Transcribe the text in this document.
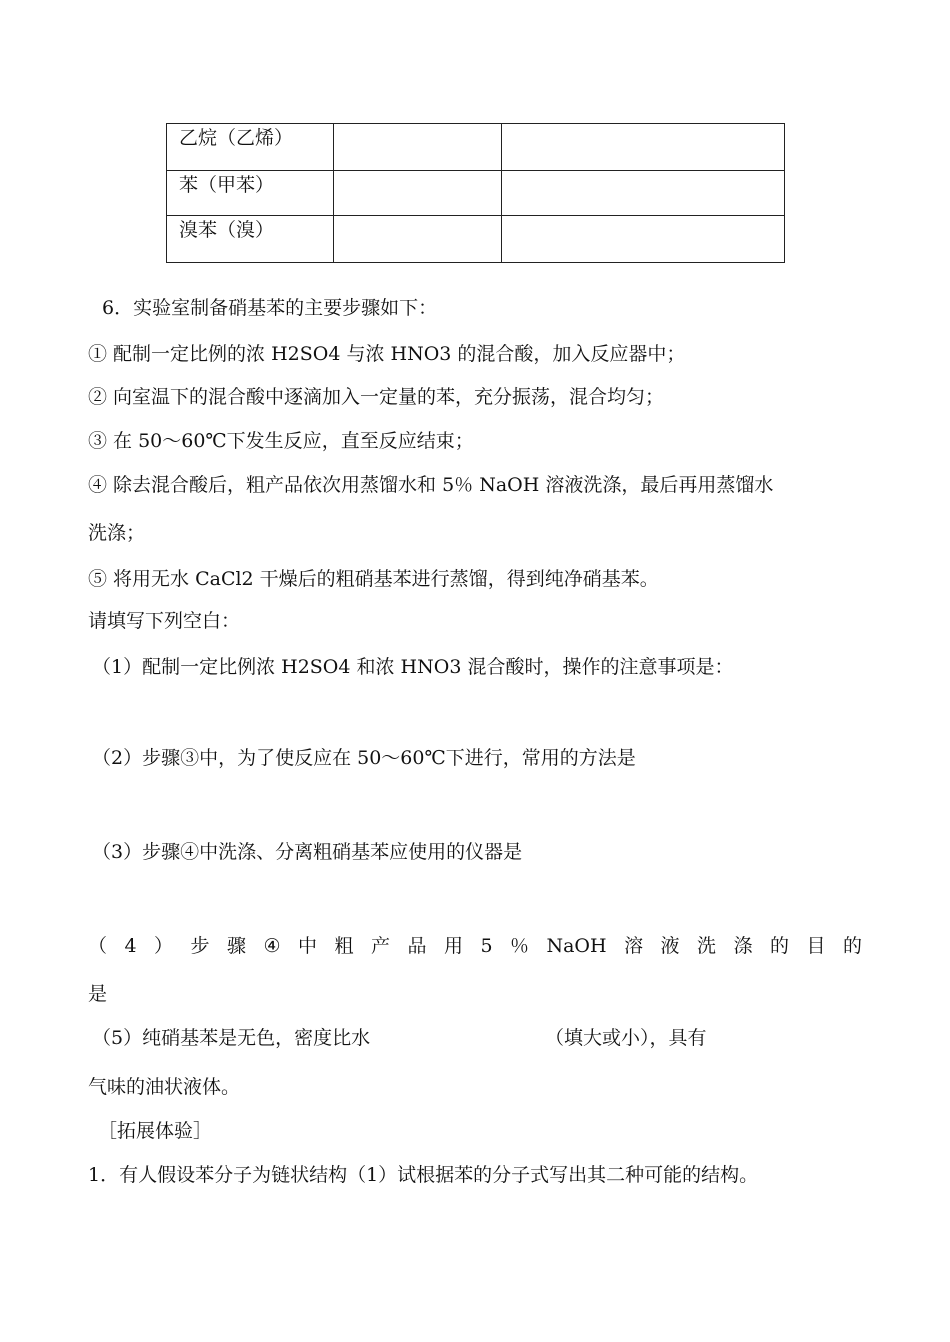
乙烷（乙烯）		
苯（甲苯）		
溴苯（溴）		
6．实验室制备硝基苯的主要步骤如下：
① 配制一定比例的浓 H2SO4 与浓 HNO3 的混合酸，加入反应器中；
② 向室温下的混合酸中逐滴加入一定量的苯，充分振荡，混合均匀；
③ 在 50～60℃下发生反应，直至反应结束；
④ 除去混合酸后，粗产品依次用蒸馏水和 5％ NaOH 溶液洗涤，最后再用蒸馏水
洗涤；
⑤ 将用无水 CaCl2 干燥后的粗硝基苯进行蒸馏，得到纯净硝基苯。
请填写下列空白：
（1）配制一定比例浓 H2SO4 和浓 HNO3 混合酸时，操作的注意事项是：
（2）步骤③中，为了使反应在 50～60℃下进行，常用的方法是
（3）步骤④中洗涤、分离粗硝基苯应使用的仪器是
（ 4 ） 步 骤 ④ 中 粗 产 品 用 5 ％ NaOH 溶 液 洗 涤 的 目 的
是
（5）纯硝基苯是无色，密度比水	（填大或小），具有
气味的油状液体。
［拓展体验］
1．有人假设苯分子为链状结构（1）试根据苯的分子式写出其二种可能的结构。
